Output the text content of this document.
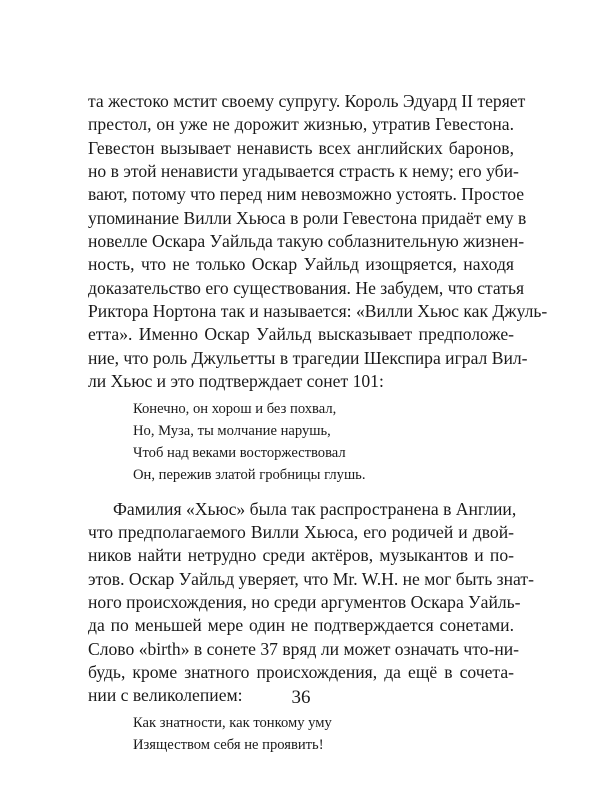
та жестоко мстит своему супругу. Король Эдуард II теряет
престол, он уже не дорожит жизнью, утратив Гевестона.
Гевестон вызывает ненависть всех английских баронов,
но в этой ненависти угадывается страсть к нему; его уби-
вают, потому что перед ним невозможно устоять. Простое
упоминание Вилли Хьюса в роли Гевестона придаёт ему в
новелле Оскара Уайльда такую соблазнительную жизнен-
ность, что не только Оскар Уайльд изощряется, находя
доказательство его существования. Не забудем, что статья
Риктора Нортона так и называется: «Вилли Хьюс как Джуль-
етта». Именно Оскар Уайльд высказывает предположе-
ние, что роль Джульетты в трагедии Шекспира играл Вил-
ли Хьюс и это подтверждает сонет 101:
Конечно, он хорош и без похвал,
Но, Муза, ты молчание нарушь,
Чтоб над веками восторжествовал
Он, пережив златой гробницы глушь.
Фамилия «Хьюс» была так распространена в Англии,
что предполагаемого Вилли Хьюса, его родичей и двой-
ников найти нетрудно среди актёров, музыкантов и по-
этов. Оскар Уайльд уверяет, что Mr. W.H. не мог быть знат-
ного происхождения, но среди аргументов Оскара Уайль-
да по меньшей мере один не подтверждается сонетами.
Слово «birth» в сонете 37 вряд ли может означать что-ни-
будь, кроме знатного происхождения, да ещё в сочета-
нии с великолепием:
Как знатности, как тонкому уму
Изяществом себя не проявить!
36
